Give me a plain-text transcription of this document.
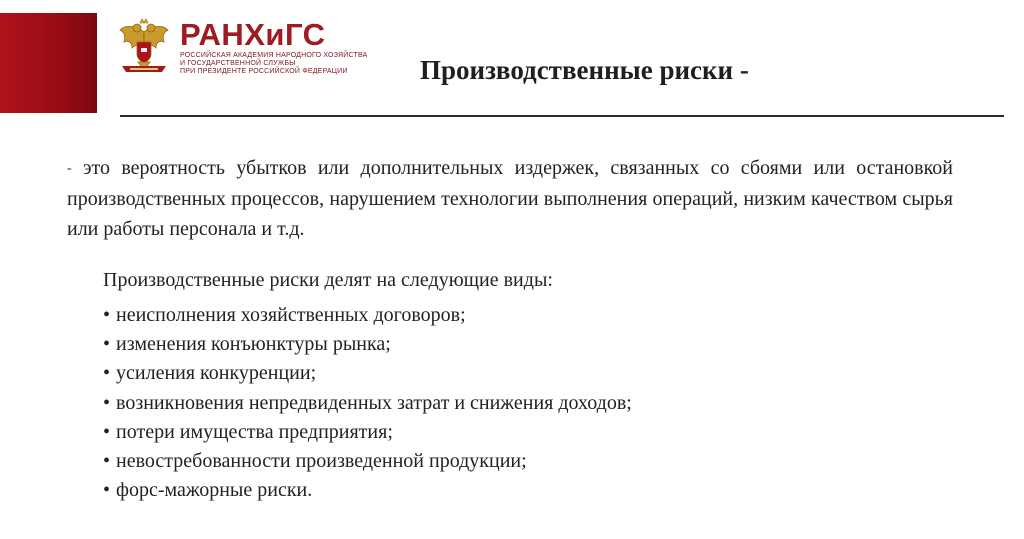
РАНХиГС
РОССИЙСКАЯ АКАДЕМИЯ НАРОДНОГО ХОЗЯЙСТВА
И ГОСУДАРСТВЕННОЙ СЛУЖБЫ
ПРИ ПРЕЗИДЕНТЕ РОССИЙСКОЙ ФЕДЕРАЦИИ	Производственные риски -

- это вероятность убытков или дополнительных издержек, связанных со сбоями или остановкой производственных процессов, нарушением технологии выполнения операций, низким качеством сырья или работы персонала и т.д.

Производственные риски делят на следующие виды:
• неисполнения хозяйственных договоров;
• изменения конъюнктуры рынка;
• усиления конкуренции;
• возникновения непредвиденных затрат и снижения доходов;
• потери имущества предприятия;
• невостребованности произведенной продукции;
• форс-мажорные риски.
